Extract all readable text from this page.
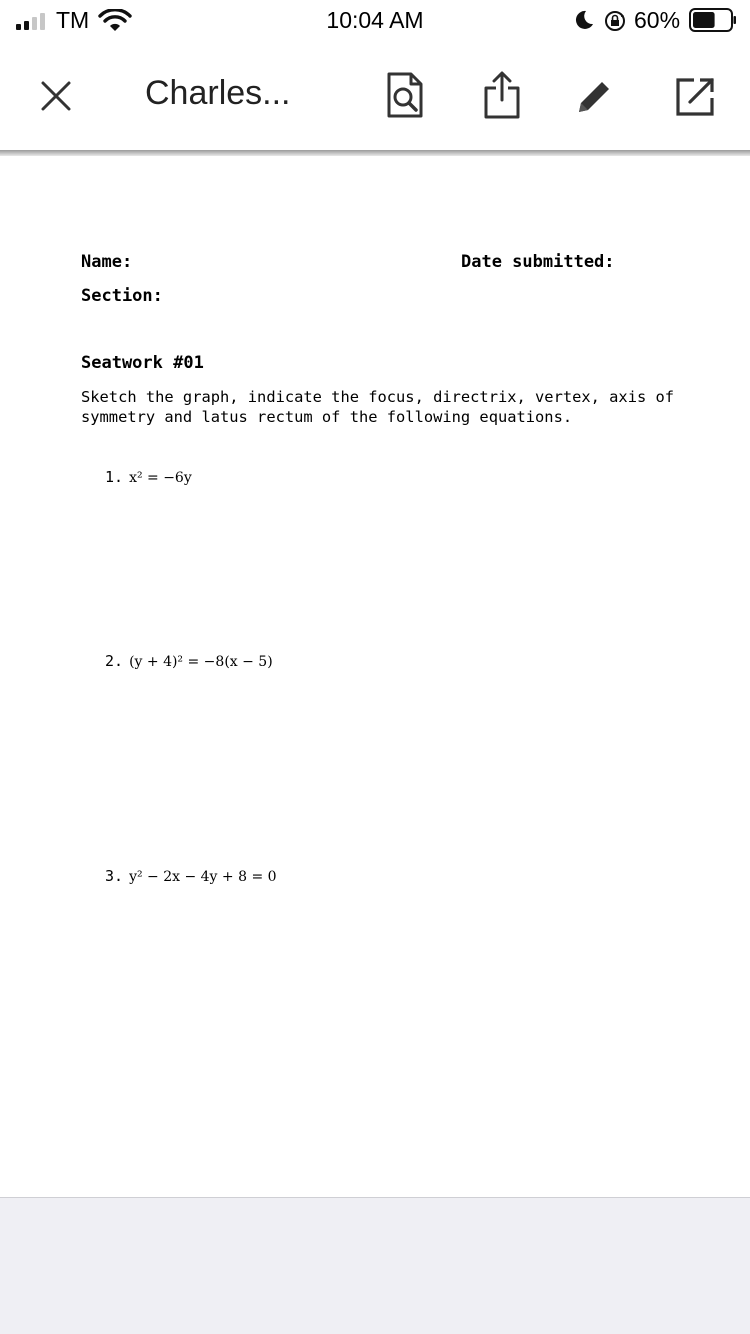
TM	10:04 AM	60%
Charles...
Name:	Date submitted:
Section:
Seatwork #01
Sketch the graph, indicate the focus, directrix, vertex, axis of
symmetry and latus rectum of the following equations.
1. x² = −6y
2. (y + 4)² = −8(x − 5)
3. y² − 2x − 4y + 8 = 0
